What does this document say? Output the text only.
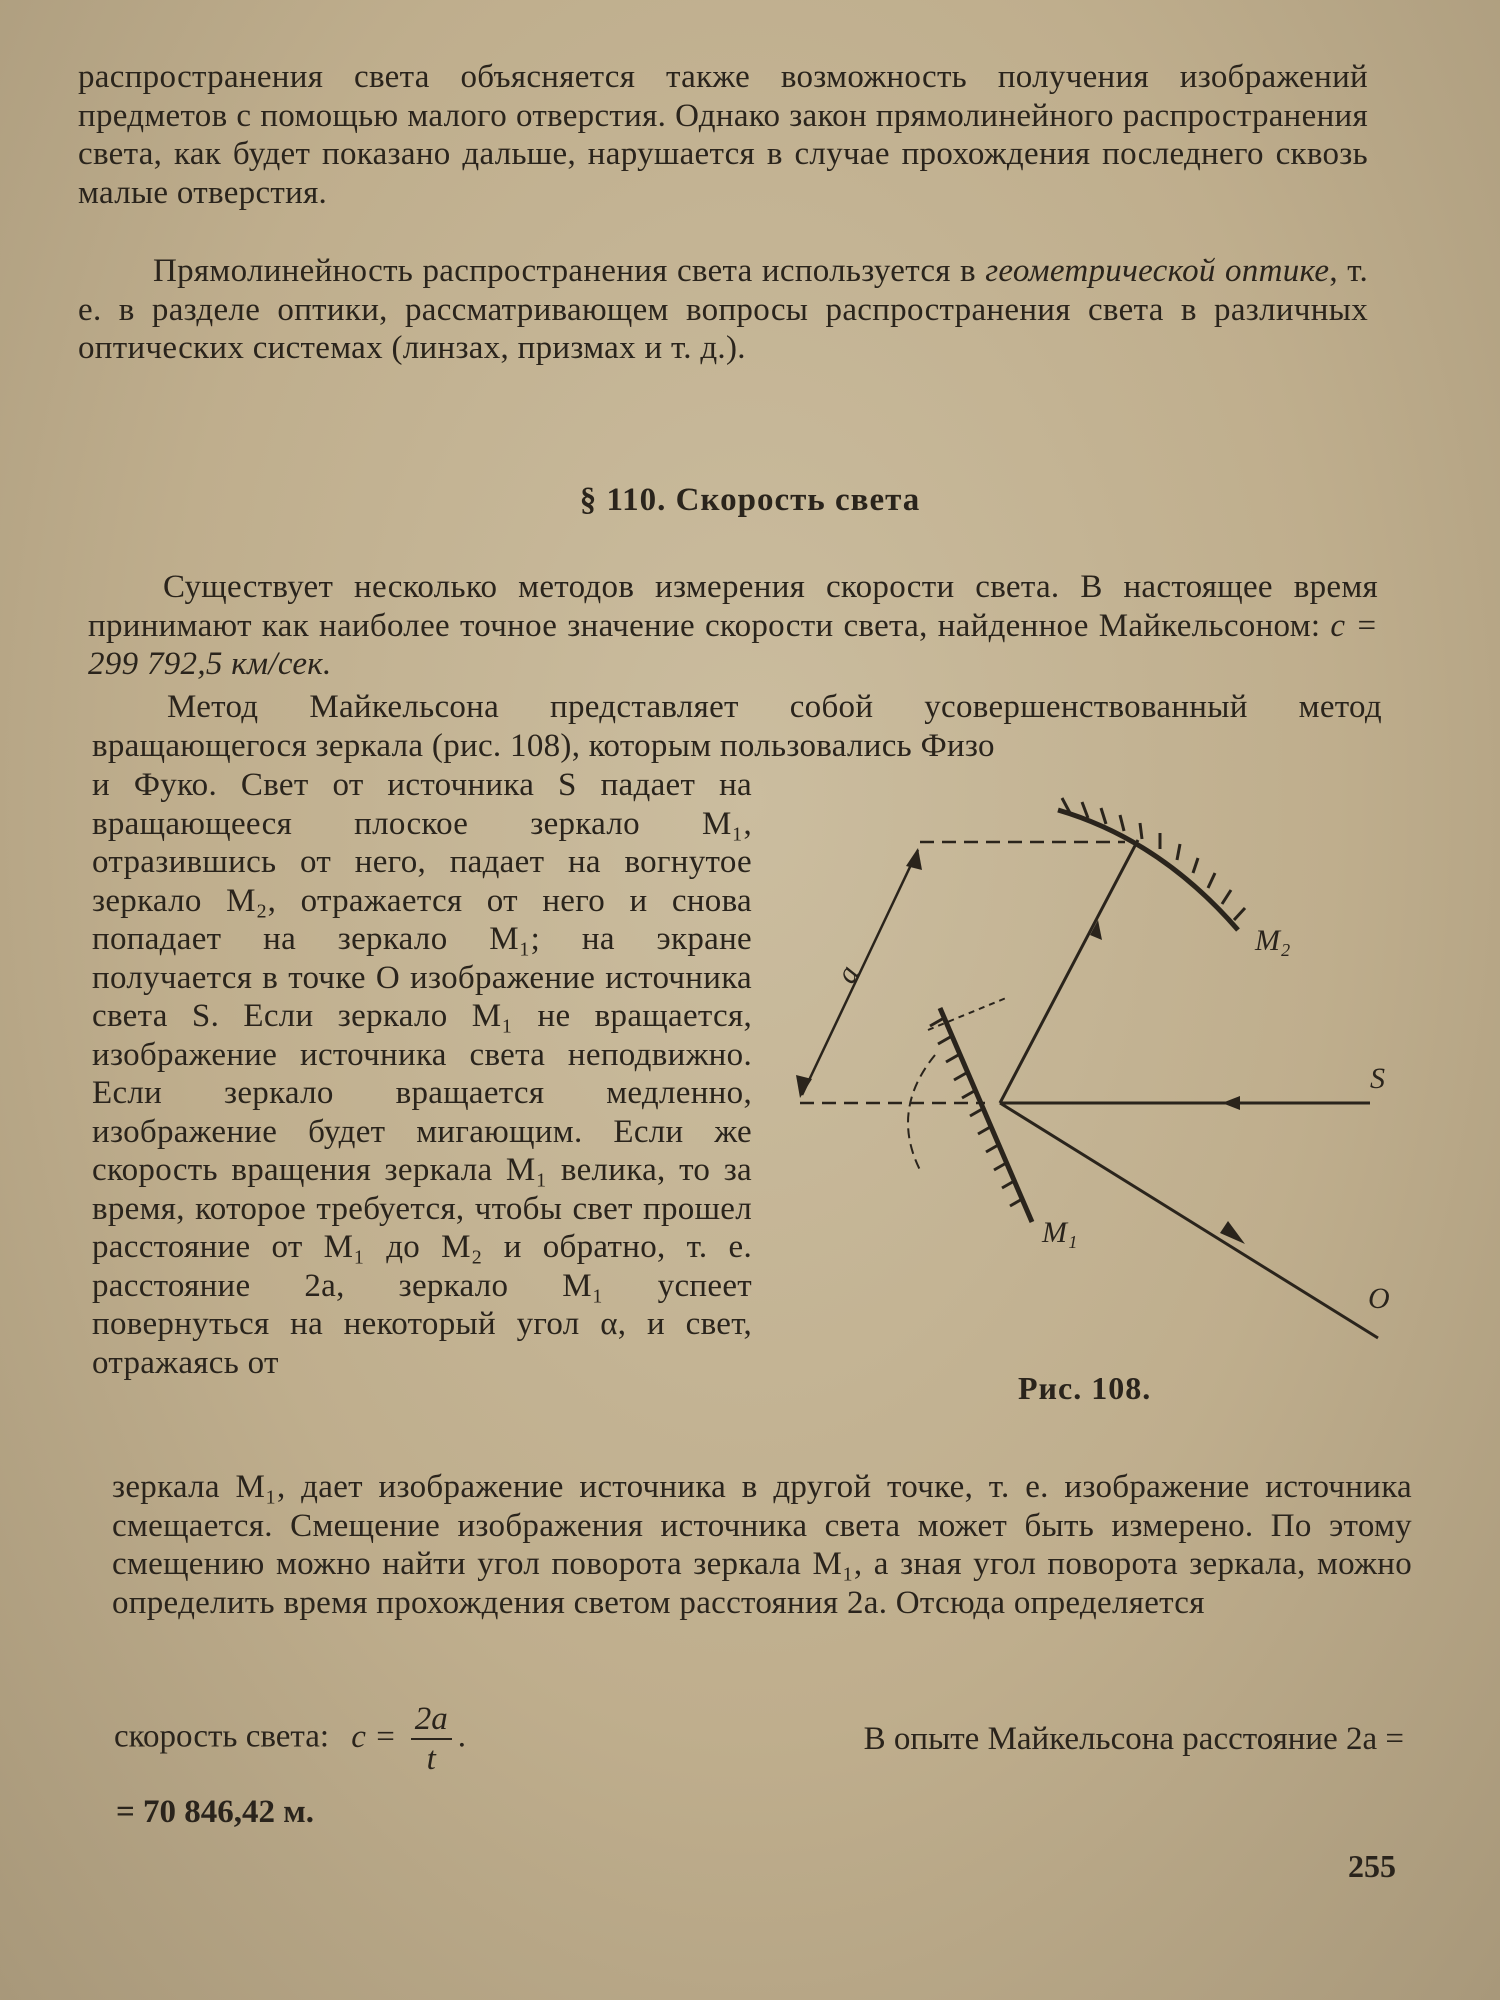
распространения света объясняется также возможность получения изображений предметов с помощью малого отверстия. Однако закон прямолинейного распространения света, как будет показано дальше, нарушается в случае прохождения последнего сквозь малые отверстия.

Прямолинейность распространения света используется в геометрической оптике, т. е. в разделе оптики, рассматривающем вопросы распространения света в различных оптических системах (линзах, призмах и т. д.).

§ 110. Скорость света

Существует несколько методов измерения скорости света. В настоящее время принимают как наиболее точное значение скорости света, найденное Майкельсоном: c = 299 792,5 км/сек.

Метод Майкельсона представляет собой усовершенствованный метод вращающегося зеркала (рис. 108), которым пользовались Физо

и Фуко. Свет от источника S падает на вращающееся плоское зеркало M₁, отразившись от него, падает на вогнутое зеркало M₂, отражается от него и снова попадает на зеркало M₁; на экране получается в точке O изображение источника света S. Если зеркало M₁ не вращается, изображение источника света неподвижно. Если зеркало вращается медленно, изображение будет мигающим. Если же скорость вращения зеркала M₁ велика, то за время, которое требуется, чтобы свет прошел расстояние от M₁ до M₂ и обратно, т. е. расстояние 2a, зеркало M₁ успеет повернуться на некоторый угол α, и свет, отражаясь от

M₂
M₁
S
O
a
Рис. 108.

зеркала M₁, дает изображение источника в другой точке, т. е. изображение источника смещается. Смещение изображения источника света может быть измерено. По этому смещению можно найти угол поворота зеркала M₁, а зная угол поворота зеркала, можно определить время прохождения светом расстояния 2a. Отсюда определяется

скорость света: $c = \frac{2a}{t}$ .	В опыте Майкельсона расстояние 2a =
= 70 846,42 м.
255
